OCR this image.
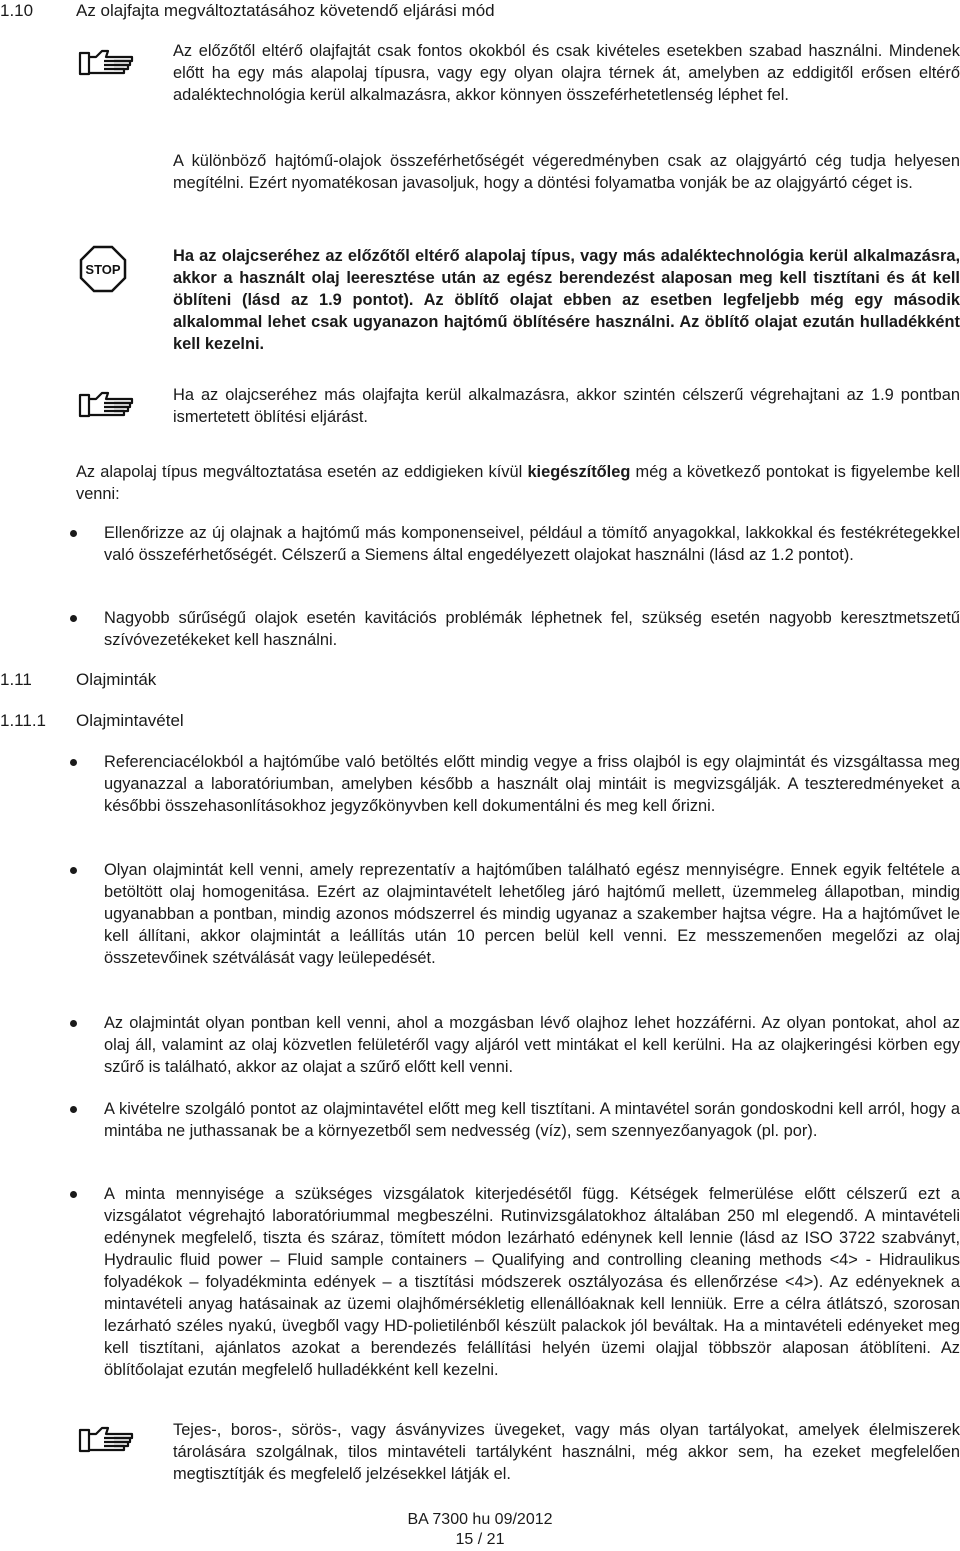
1.10	Az olajfajta megváltoztatásához követendő eljárási mód

Az előzőtől eltérő olajfajtát csak fontos okokból és csak kivételes esetekben szabad használni. Mindenek előtt ha egy más alapolaj típusra, vagy egy olyan olajra térnek át, amelyben az eddigitől erősen eltérő adaléktechnológia kerül alkalmazásra, akkor könnyen összeférhetetlenség léphet fel.

A különböző hajtómű-olajok összeférhetőségét végeredményben csak az olajgyártó cég tudja helyesen megítélni. Ezért nyomatékosan javasoljuk, hogy a döntési folyamatba vonják be az olajgyártó céget is.

STOP

Ha az olajcseréhez az előzőtől eltérő alapolaj típus, vagy más adaléktechnológia kerül alkalmazásra, akkor a használt olaj leeresztése után az egész berendezést alaposan meg kell tisztítani és át kell öblíteni (lásd az 1.9 pontot). Az öblítő olajat ebben az esetben legfeljebb még egy második alkalommal lehet csak ugyanazon hajtómű öblítésére használni. Az öblítő olajat ezután hulladékként kell kezelni.

Ha az olajcseréhez más olajfajta kerül alkalmazásra, akkor szintén célszerű végrehajtani az 1.9 pontban ismertetett öblítési eljárást.

Az alapolaj típus megváltoztatása esetén az eddigieken kívül kiegészítőleg még a következő pontokat is figyelembe kell venni:

Ellenőrizze az új olajnak a hajtómű más komponenseivel, például a tömítő anyagokkal, lakkokkal és festékrétegekkel való összeférhetőségét. Célszerű a Siemens által engedélyezett olajokat használni (lásd az 1.2 pontot).

Nagyobb sűrűségű olajok esetén kavitációs problémák léphetnek fel, szükség esetén nagyobb keresztmetszetű szívóvezetékeket kell használni.

1.11	Olajminták
1.11.1 Olajmintavétel

Referenciacélokból a hajtóműbe való betöltés előtt mindig vegye a friss olajból is egy olajmintát és vizsgáltassa meg ugyanazzal a laboratóriumban, amelyben később a használt olaj mintáit is megvizsgálják. A teszteredményeket a későbbi összehasonlításokhoz jegyzőkönyvben kell dokumentálni és meg kell őrizni.

Olyan olajmintát kell venni, amely reprezentatív a hajtóműben található egész mennyiségre. Ennek egyik feltétele a betöltött olaj homogenitása. Ezért az olajmintavételt lehetőleg járó hajtómű mellett, üzemmeleg állapotban, mindig ugyanabban a pontban, mindig azonos módszerrel és mindig ugyanaz a szakember hajtsa végre. Ha a hajtóművet le kell állítani, akkor olajmintát a leállítás után 10 percen belül kell venni. Ez messzemenően megelőzi az olaj összetevőinek szétválását vagy leülepedését.

Az olajmintát olyan pontban kell venni, ahol a mozgásban lévő olajhoz lehet hozzáférni. Az olyan pontokat, ahol az olaj áll, valamint az olaj közvetlen felületéről vagy aljáról vett mintákat el kell kerülni. Ha az olajkeringési körben egy szűrő is található, akkor az olajat a szűrő előtt kell venni.

A kivételre szolgáló pontot az olajmintavétel előtt meg kell tisztítani. A mintavétel során gondoskodni kell arról, hogy a mintába ne juthassanak be a környezetből sem nedvesség (víz), sem szennyezőanyagok (pl. por).

A minta mennyisége a szükséges vizsgálatok kiterjedésétől függ. Kétségek felmerülése előtt célszerű ezt a vizsgálatot végrehajtó laboratóriummal megbeszélni. Rutinvizsgálatokhoz általában 250 ml elegendő. A mintavételi edénynek megfelelő, tiszta és száraz, tömített módon lezárható edénynek kell lennie (lásd az ISO 3722 szabványt, Hydraulic fluid power – Fluid sample containers – Qualifying and controlling cleaning methods <4> - Hidraulikus folyadékok – folyadékminta edények – a tisztítási módszerek osztályozása és ellenőrzése <4>). Az edényeknek a mintavételi anyag hatásainak az üzemi olajhőmérsékletig ellenállóaknak kell lenniük. Erre a célra átlátszó, szorosan lezárható széles nyakú, üvegből vagy HD-polietilénből készült palackok jól beváltak. Ha a mintavételi edényeket meg kell tisztítani, ajánlatos azokat a berendezés felállítási helyén üzemi olajjal többször alaposan átöblíteni. Az öblítőolajat ezután megfelelő hulladékként kell kezelni.

Tejes-, boros-, sörös-, vagy ásványvizes üvegeket, vagy más olyan tartályokat, amelyek élelmiszerek tárolására szolgálnak, tilos mintavételi tartályként használni, még akkor sem, ha ezeket megfelelően megtisztítják és megfelelő jelzésekkel látják el.

BA 7300 hu 09/2012
15 / 21
